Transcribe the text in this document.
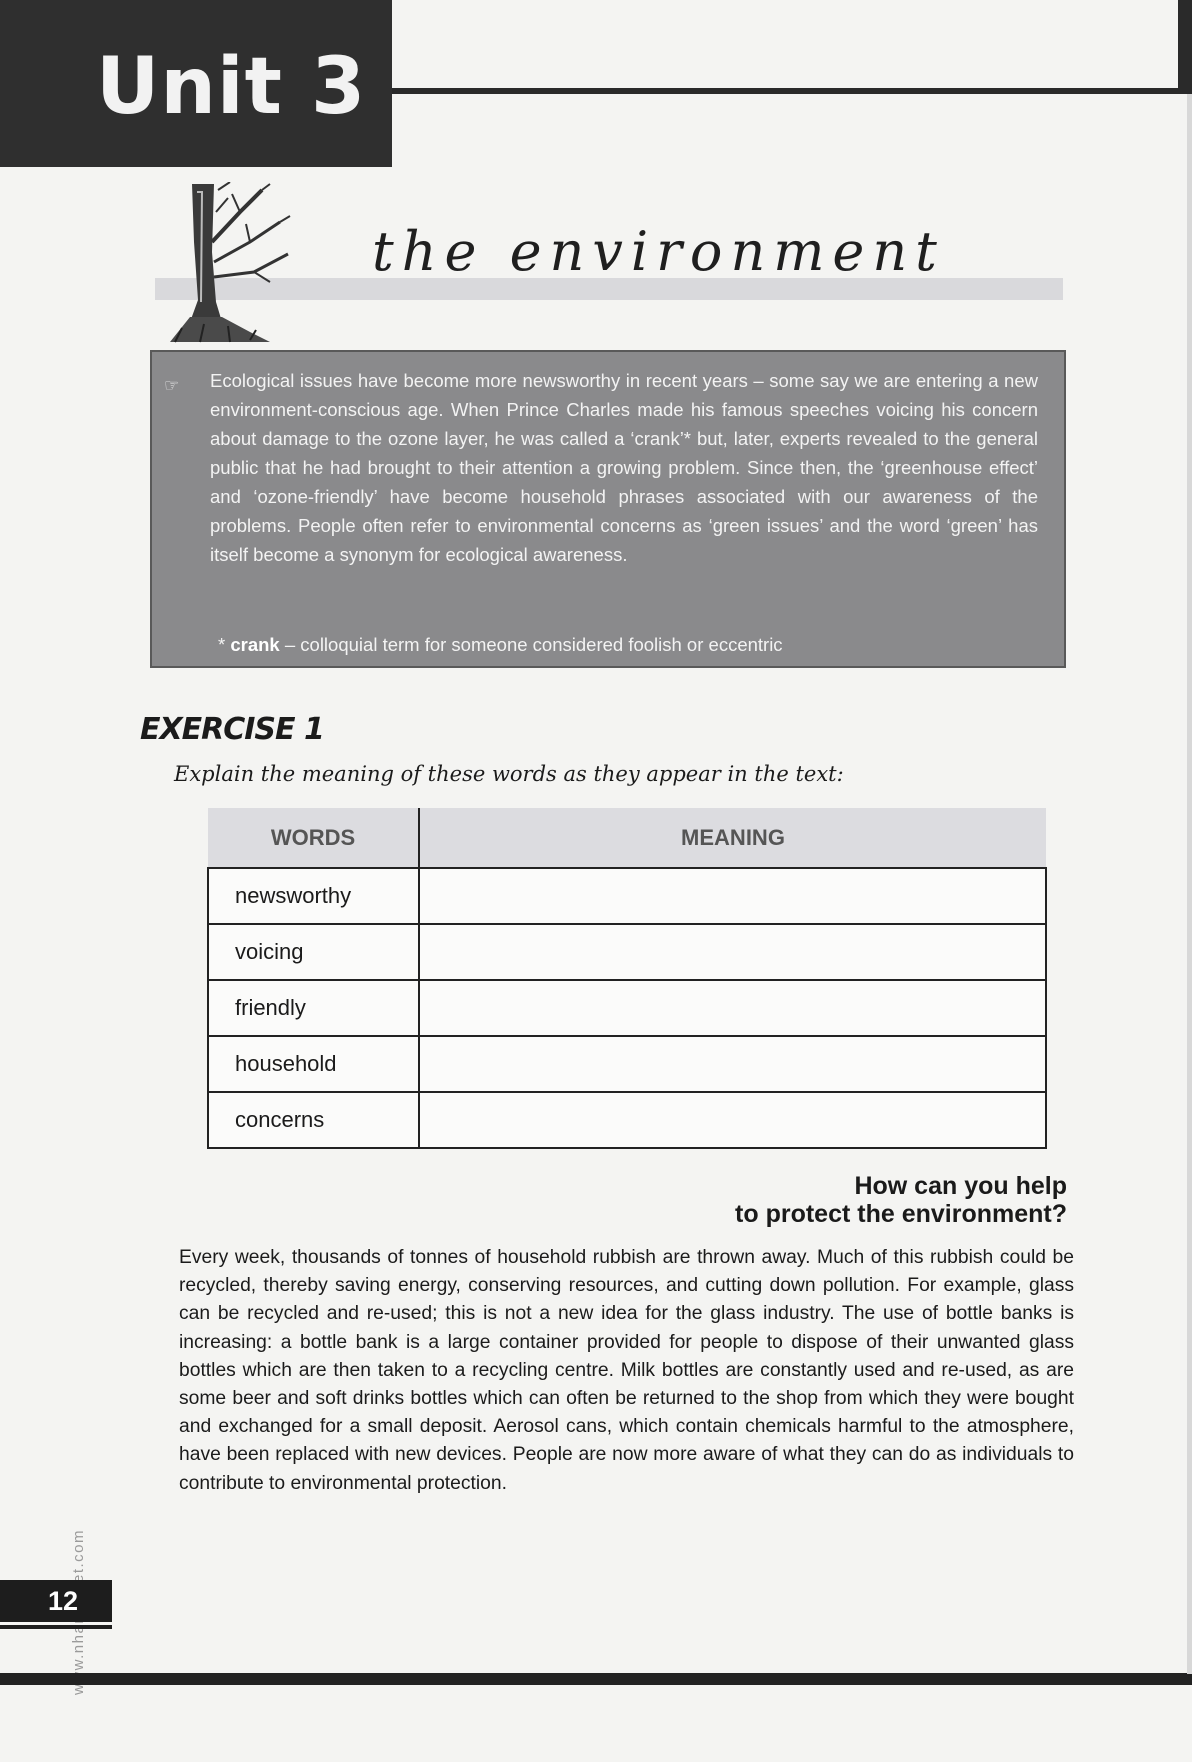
Unit 3
the environment
☞ Ecological issues have become more newsworthy in recent years – some say we are entering a new environment-conscious age. When Prince Charles made his famous speeches voicing his concern about damage to the ozone layer, he was called a ‘crank’* but, later, experts revealed to the general public that he had brought to their attention a growing problem. Since then, the ‘greenhouse effect’ and ‘ozone-friendly’ have become household phrases associated with our awareness of the problems. People often refer to environmental concerns as ‘green issues’ and the word ‘green’ has itself become a synonym for ecological awareness.

* crank – colloquial term for someone considered foolish or eccentric

EXERCISE 1

Explain the meaning of these words as they appear in the text:

WORDS	MEANING
newsworthy	
voicing	
friendly	
household	
concerns	
How can you help
to protect the environment?

Every week, thousands of tonnes of household rubbish are thrown away. Much of this rubbish could be recycled, thereby saving energy, conserving resources, and cutting down pollution. For example, glass can be recycled and re-used; this is not a new idea for the glass industry. The use of bottle banks is increasing: a bottle bank is a large container provided for people to dispose of their unwanted glass bottles which are then taken to a recycling centre. Milk bottles are constantly used and re-used, as are some beer and soft drinks bottles which can often be returned to the shop from which they were bought and exchanged for a small deposit. Aerosol cans, which contain chemicals harmful to the atmosphere, have been replaced with new devices. People are now more aware of what they can do as individuals to contribute to environmental protection.

12
